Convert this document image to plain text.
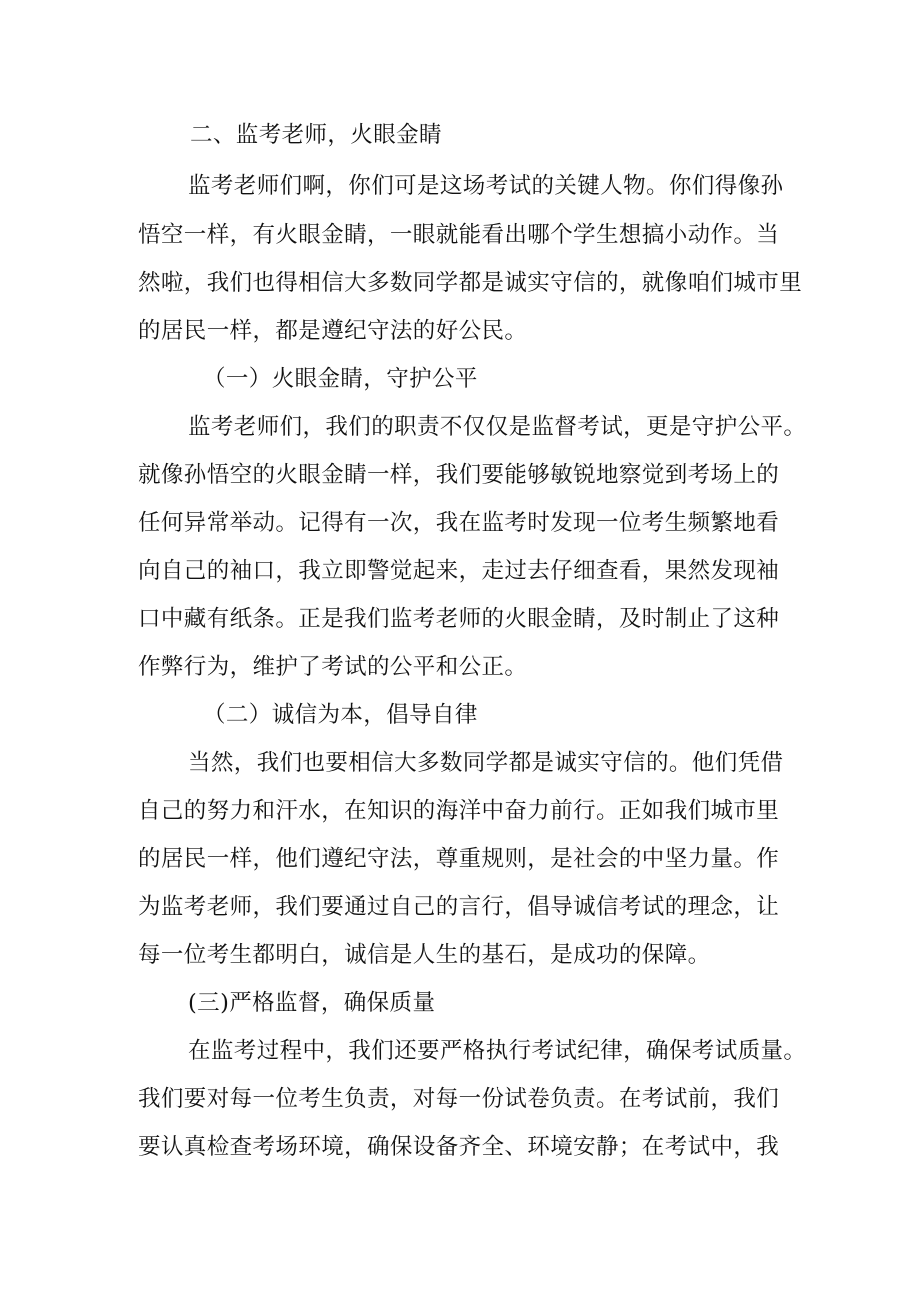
二、监考老师，火眼金睛
监考老师们啊，你们可是这场考试的关键人物。你们得像孙
悟空一样，有火眼金睛，一眼就能看出哪个学生想搞小动作。当
然啦，我们也得相信大多数同学都是诚实守信的，就像咱们城市里
的居民一样，都是遵纪守法的好公民。
（一）火眼金睛，守护公平
监考老师们，我们的职责不仅仅是监督考试，更是守护公平。
就像孙悟空的火眼金睛一样，我们要能够敏锐地察觉到考场上的
任何异常举动。记得有一次，我在监考时发现一位考生频繁地看
向自己的袖口，我立即警觉起来，走过去仔细查看，果然发现袖
口中藏有纸条。正是我们监考老师的火眼金睛，及时制止了这种
作弊行为，维护了考试的公平和公正。
（二）诚信为本，倡导自律
当然，我们也要相信大多数同学都是诚实守信的。他们凭借
自己的努力和汗水，在知识的海洋中奋力前行。正如我们城市里
的居民一样，他们遵纪守法，尊重规则，是社会的中坚力量。作
为监考老师，我们要通过自己的言行，倡导诚信考试的理念，让
每一位考生都明白，诚信是人生的基石，是成功的保障。
(三)严格监督，确保质量
在监考过程中，我们还要严格执行考试纪律，确保考试质量。
我们要对每一位考生负责，对每一份试卷负责。在考试前，我们
要认真检查考场环境，确保设备齐全、环境安静；在考试中，我
